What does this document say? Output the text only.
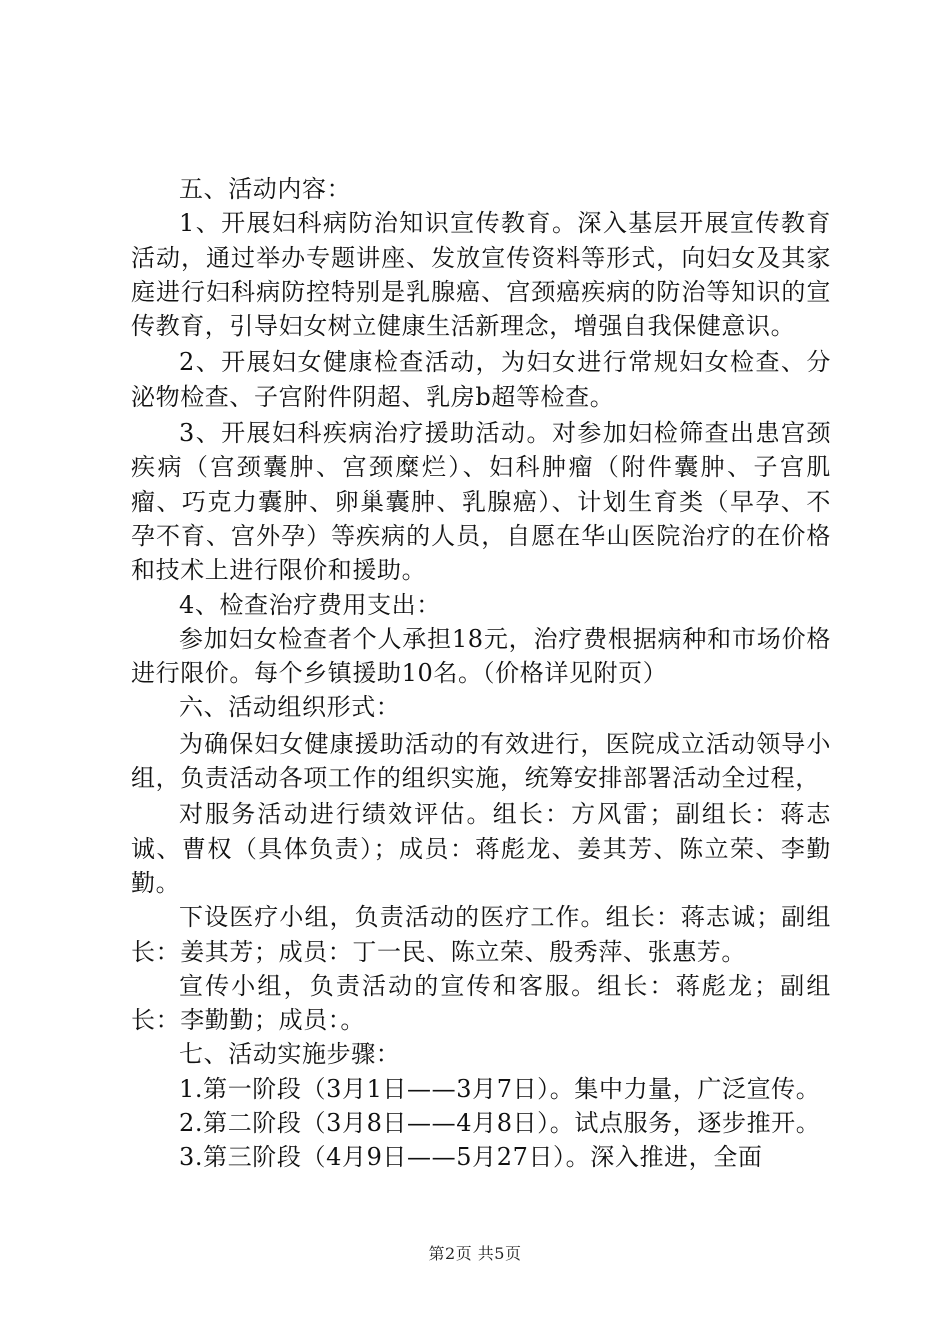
五、活动内容：

1、开展妇科病防治知识宣传教育。深入基层开展宣传教育活动，通过举办专题讲座、发放宣传资料等形式，向妇女及其家庭进行妇科病防控特别是乳腺癌、宫颈癌疾病的防治等知识的宣传教育，引导妇女树立健康生活新理念，增强自我保健意识。

2、开展妇女健康检查活动，为妇女进行常规妇女检查、分泌物检查、子宫附件阴超、乳房b超等检查。

3、开展妇科疾病治疗援助活动。对参加妇检筛查出患宫颈疾病（宫颈囊肿、宫颈糜烂）、妇科肿瘤（附件囊肿、子宫肌瘤、巧克力囊肿、卵巢囊肿、乳腺癌）、计划生育类（早孕、不孕不育、宫外孕）等疾病的人员，自愿在华山医院治疗的在价格和技术上进行限价和援助。

4、检查治疗费用支出：

参加妇女检查者个人承担18元，治疗费根据病种和市场价格进行限价。每个乡镇援助10名。（价格详见附页）

六、活动组织形式：

为确保妇女健康援助活动的有效进行，医院成立活动领导小组，负责活动各项工作的组织实施，统筹安排部署活动全过程，

对服务活动进行绩效评估。组长：方风雷；副组长：蒋志诚、曹权（具体负责）；成员：蒋彪龙、姜其芳、陈立荣、李勤勤。

下设医疗小组，负责活动的医疗工作。组长：蒋志诚；副组长：姜其芳；成员：丁一民、陈立荣、殷秀萍、张惠芳。

宣传小组，负责活动的宣传和客服。组长：蒋彪龙；副组长：李勤勤；成员：。

七、活动实施步骤：

1.第一阶段（3月1日——3月7日）。集中力量，广泛宣传。

2.第二阶段（3月8日——4月8日）。试点服务，逐步推开。

3.第三阶段（4月9日——5月27日）。深入推进，全面

第2页 共5页
